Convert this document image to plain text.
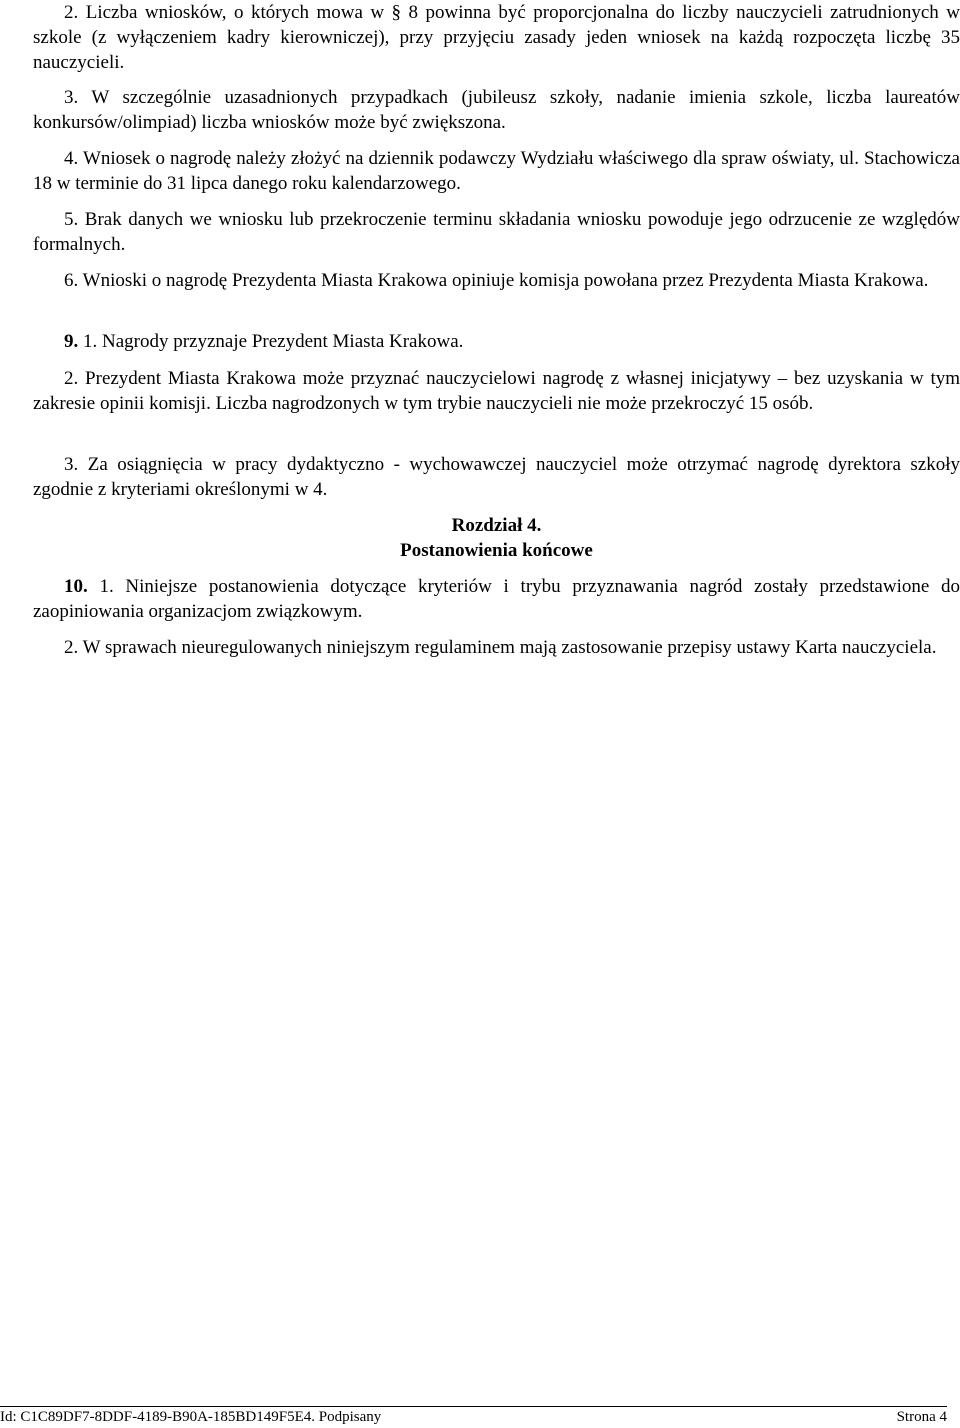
2. Liczba wniosków, o których mowa w § 8 powinna być proporcjonalna do liczby nauczycieli zatrudnionych w szkole (z wyłączeniem kadry kierowniczej), przy przyjęciu zasady jeden wniosek na każdą rozpoczęta liczbę 35 nauczycieli.

3. W szczególnie uzasadnionych przypadkach (jubileusz szkoły, nadanie imienia szkole, liczba laureatów konkursów/olimpiad) liczba wniosków może być zwiększona.

4. Wniosek o nagrodę należy złożyć na dziennik podawczy Wydziału właściwego dla spraw oświaty, ul. Stachowicza 18 w terminie do 31 lipca danego roku kalendarzowego.

5. Brak danych we wniosku lub przekroczenie terminu składania wniosku powoduje jego odrzucenie ze względów formalnych.

6. Wnioski o nagrodę Prezydenta Miasta Krakowa opiniuje komisja powołana przez Prezydenta Miasta Krakowa.

9. 1. Nagrody przyznaje Prezydent Miasta Krakowa.

2. Prezydent Miasta Krakowa może przyznać nauczycielowi nagrodę z własnej inicjatywy – bez uzyskania w tym zakresie opinii komisji. Liczba nagrodzonych w tym trybie nauczycieli nie może przekroczyć 15 osób.

3. Za osiągnięcia w pracy dydaktyczno - wychowawczej nauczyciel może otrzymać nagrodę dyrektora szkoły zgodnie z kryteriami określonymi w 4.

Rozdział 4.

Postanowienia końcowe

10. 1. Niniejsze postanowienia dotyczące kryteriów i trybu przyznawania nagród zostały przedstawione do zaopiniowania organizacjom związkowym.

2. W sprawach nieuregulowanych niniejszym regulaminem mają zastosowanie przepisy ustawy Karta nauczyciela.

Id: C1C89DF7-8DDF-4189-B90A-185BD149F5E4. Podpisany	Strona 4
